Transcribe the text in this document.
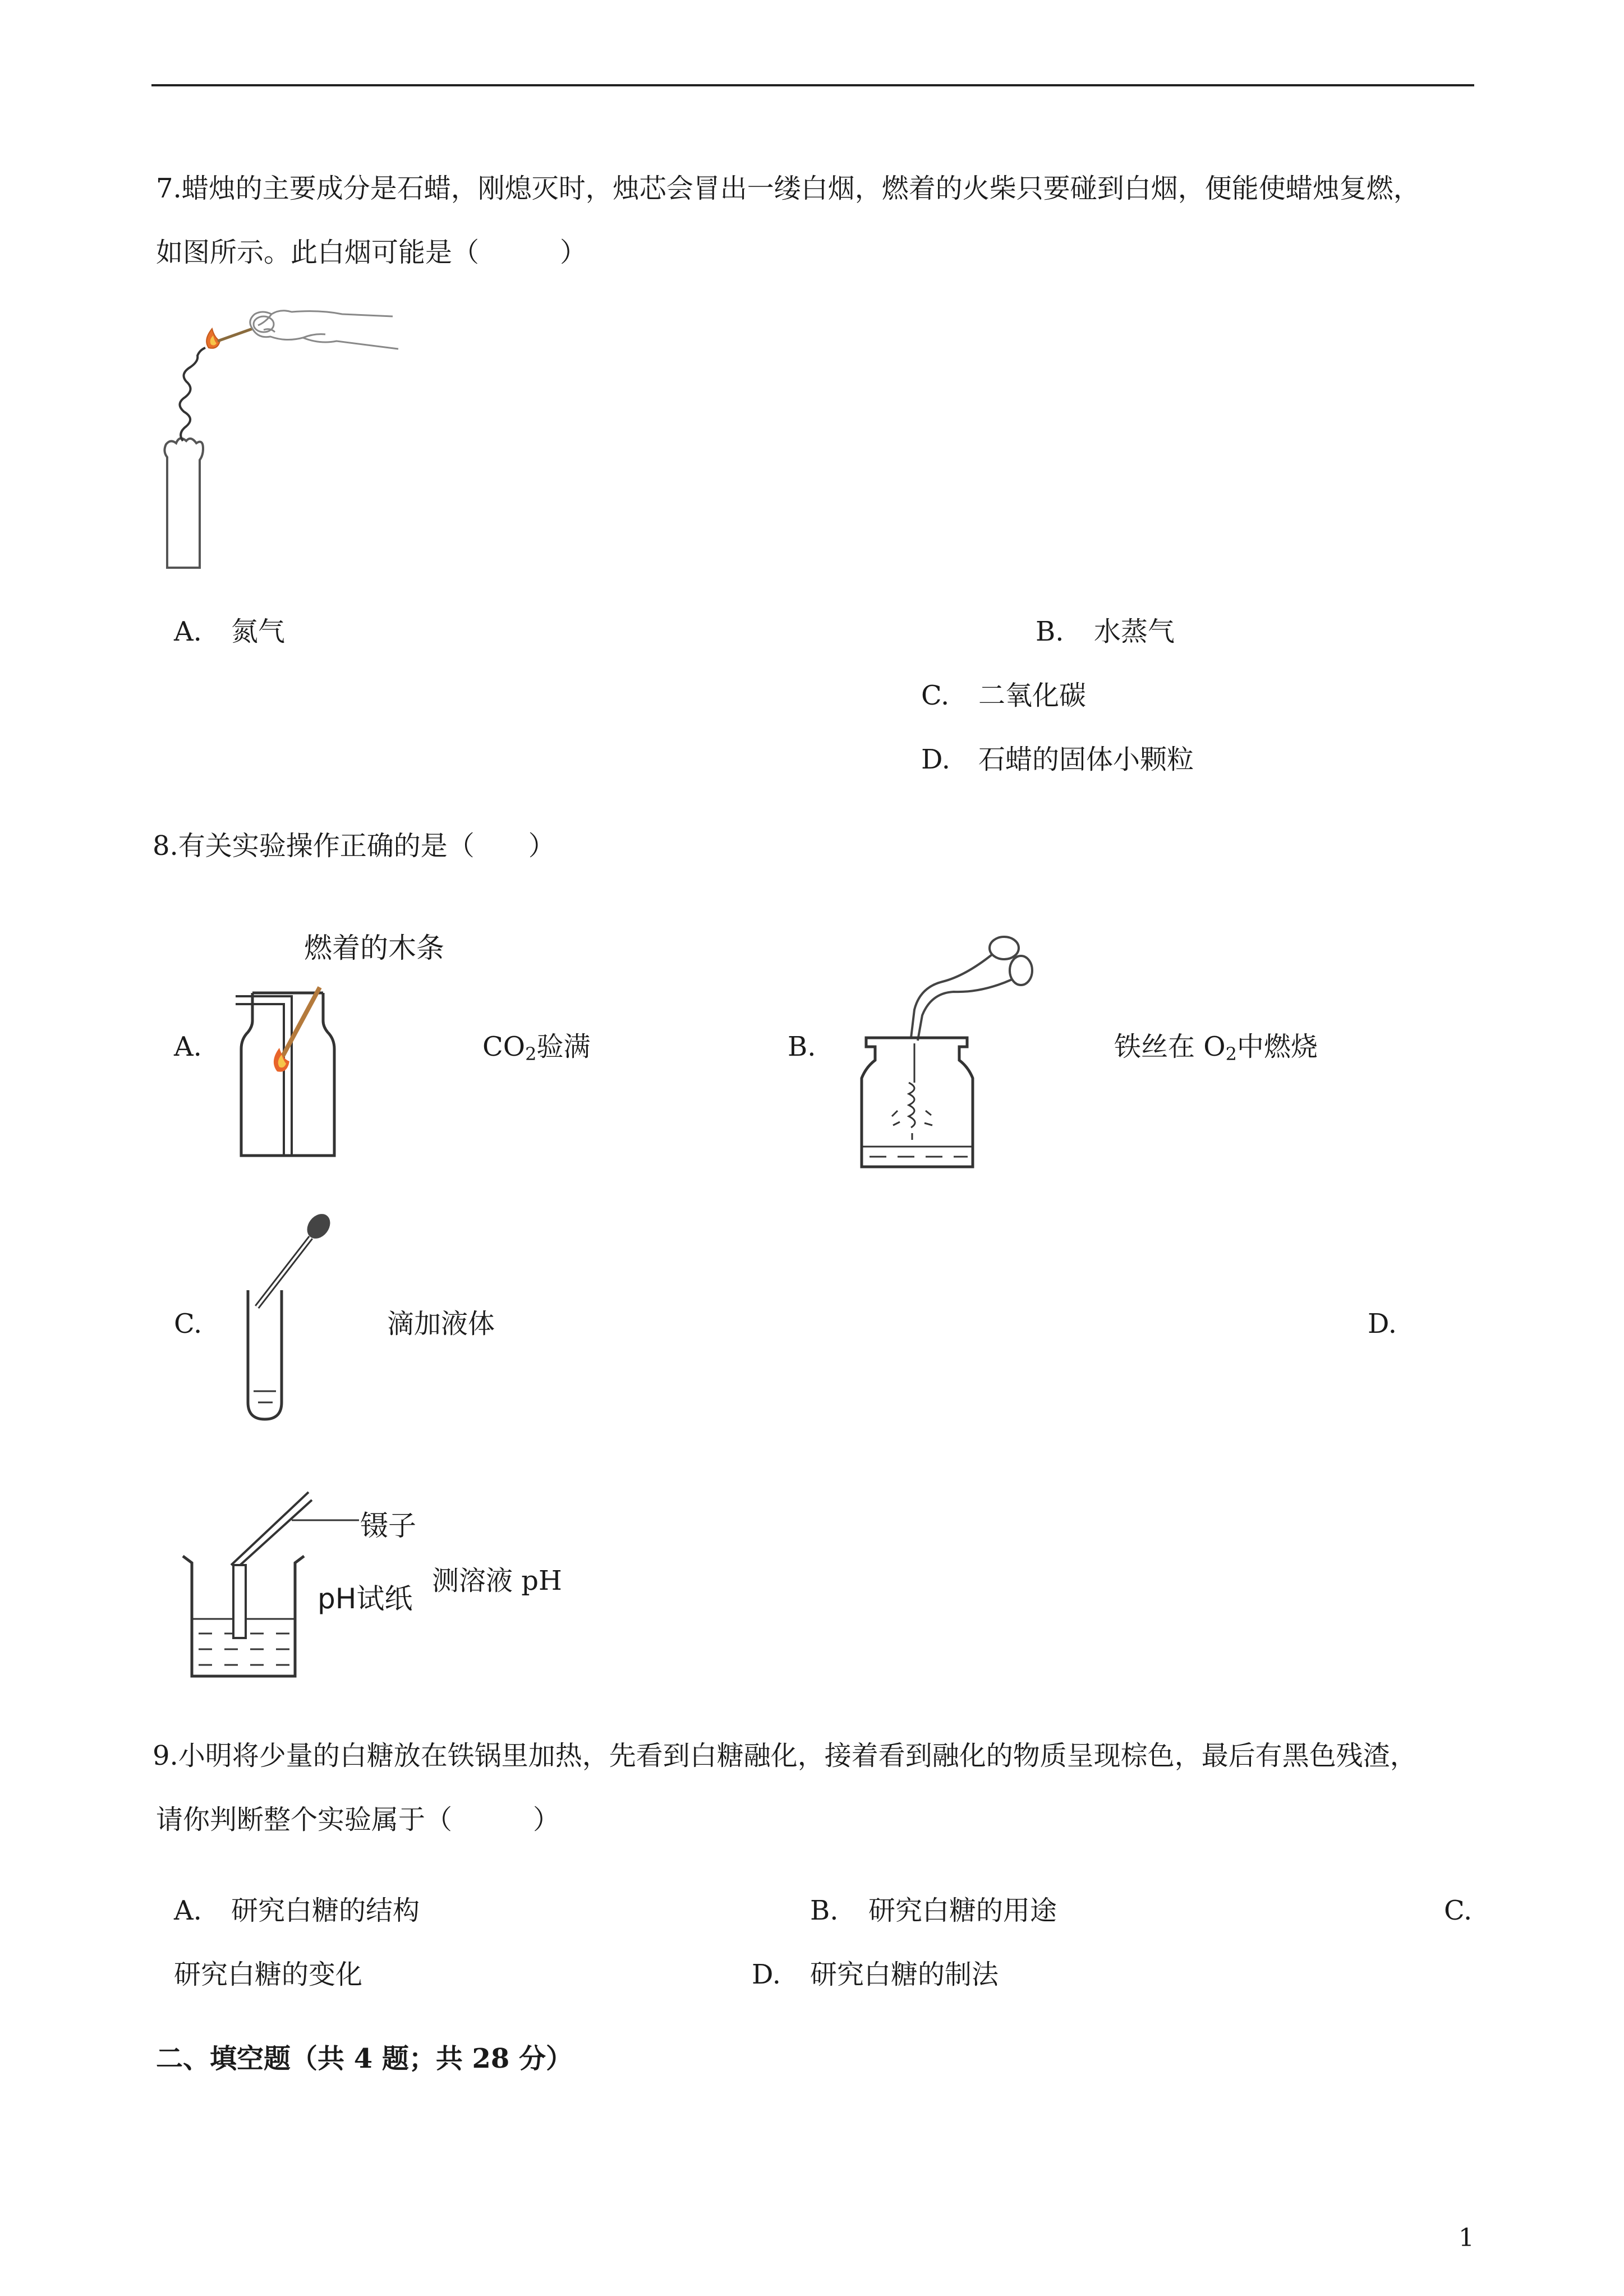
7.蜡烛的主要成分是石蜡，刚熄灭时，烛芯会冒出一缕白烟，燃着的火柴只要碰到白烟，便能使蜡烛复燃，
如图所示。此白烟可能是（　　　）
A. 氮气	B. 水蒸气
C. 二氧化碳
D. 石蜡的固体小颗粒
8.有关实验操作正确的是（　　）
燃着的木条
A.	$CO_2$验满	B.	铁丝在 $O_2$中燃烧
C.	滴加液体	D.
镊子
pH试纸
测溶液 pH
9.小明将少量的白糖放在铁锅里加热，先看到白糖融化，接着看到融化的物质呈现棕色，最后有黑色残渣，
请你判断整个实验属于（　　　）
A. 研究白糖的结构	B. 研究白糖的用途	C.
研究白糖的变化	D. 研究白糖的制法
二、填空题（共 4 题；共 28 分）
1
